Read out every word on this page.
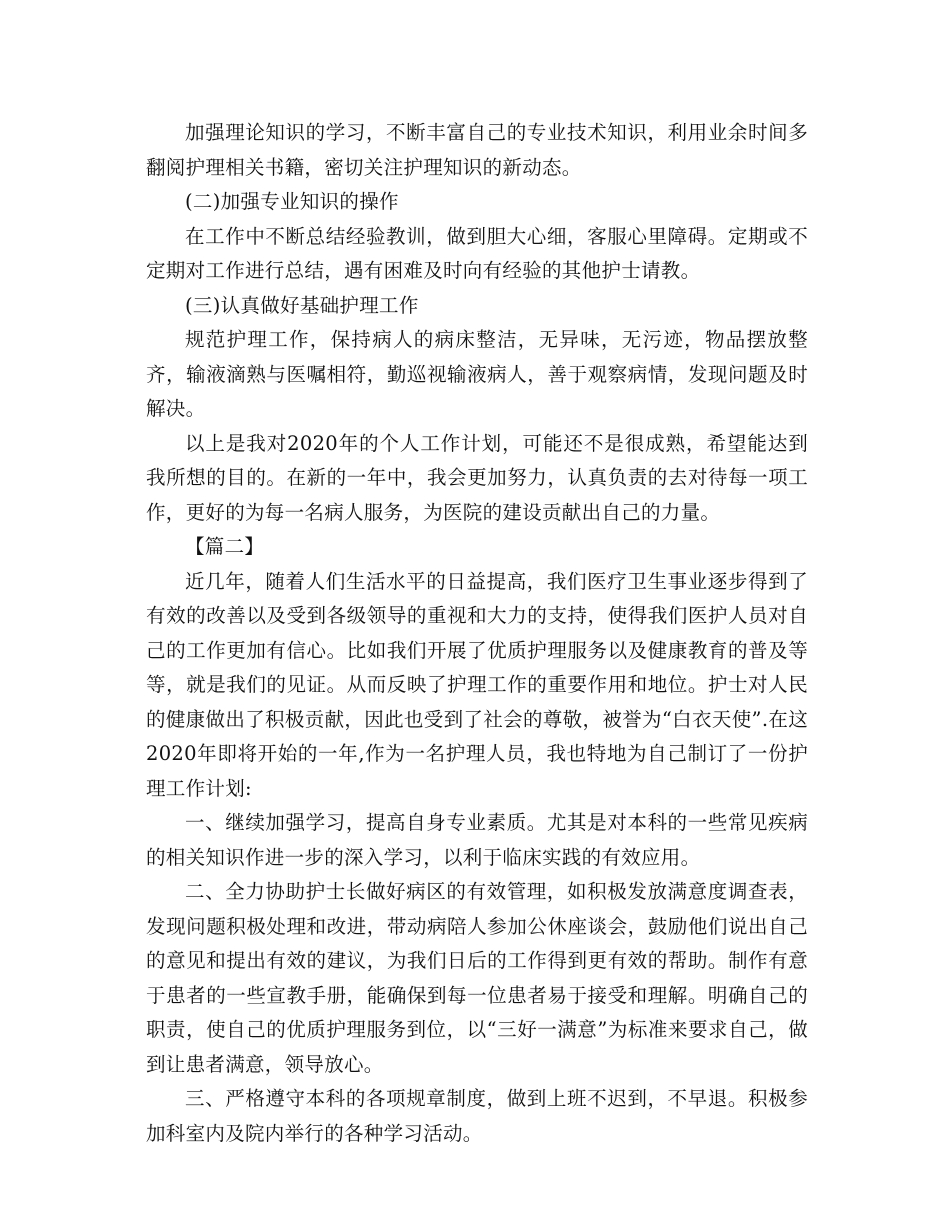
加强理论知识的学习，不断丰富自己的专业技术知识，利用业余时间多翻阅护理相关书籍，密切关注护理知识的新动态。

(二)加强专业知识的操作

在工作中不断总结经验教训，做到胆大心细，客服心里障碍。定期或不定期对工作进行总结，遇有困难及时向有经验的其他护士请教。

(三)认真做好基础护理工作

规范护理工作，保持病人的病床整洁，无异味，无污迹，物品摆放整齐，输液滴熟与医嘱相符，勤巡视输液病人，善于观察病情，发现问题及时解决。

以上是我对2020年的个人工作计划，可能还不是很成熟，希望能达到我所想的目的。在新的一年中，我会更加努力，认真负责的去对待每一项工作，更好的为每一名病人服务，为医院的建设贡献出自己的力量。

【篇二】

近几年，随着人们生活水平的日益提高，我们医疗卫生事业逐步得到了有效的改善以及受到各级领导的重视和大力的支持，使得我们医护人员对自己的工作更加有信心。比如我们开展了优质护理服务以及健康教育的普及等等，就是我们的见证。从而反映了护理工作的重要作用和地位。护士对人民的健康做出了积极贡献，因此也受到了社会的尊敬，被誉为“白衣天使”.在这2020年即将开始的一年,作为一名护理人员，我也特地为自己制订了一份护理工作计划:

一、继续加强学习，提高自身专业素质。尤其是对本科的一些常见疾病的相关知识作进一步的深入学习，以利于临床实践的有效应用。

二、全力协助护士长做好病区的有效管理，如积极发放满意度调查表，发现问题积极处理和改进，带动病陪人参加公休座谈会，鼓励他们说出自己的意见和提出有效的建议，为我们日后的工作得到更有效的帮助。制作有意于患者的一些宣教手册，能确保到每一位患者易于接受和理解。明确自己的职责，使自己的优质护理服务到位，以“三好一满意”为标准来要求自己，做到让患者满意，领导放心。

三、严格遵守本科的各项规章制度，做到上班不迟到，不早退。积极参加科室内及院内举行的各种学习活动。
